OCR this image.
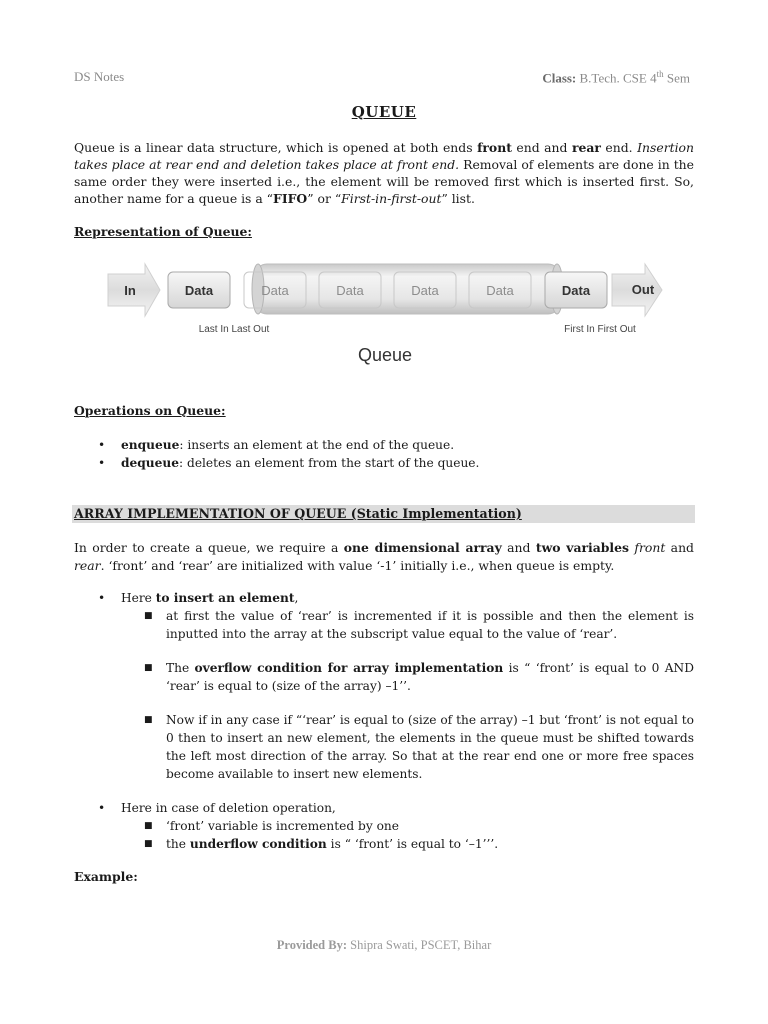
DS Notes	Class: B.Tech. CSE 4th Sem
QUEUE
Queue is a linear data structure, which is opened at both ends front end and rear end. Insertion takes place at rear end and deletion takes place at front end. Removal of elements are done in the same order they were inserted i.e., the element will be removed first which is inserted first. So, another name for a queue is a “FIFO” or “First-in-first-out” list.
Representation of Queue:
In	Out
Data	Data	Data	Data	Data	Data
Last In Last Out	First In First Out
Queue
Operations on Queue:
• enqueue: inserts an element at the end of the queue.
• dequeue: deletes an element from the start of the queue.
ARRAY IMPLEMENTATION OF QUEUE (Static Implementation)
In order to create a queue, we require a one dimensional array and two variables front and rear. ‘front’ and ‘rear’ are initialized with value ‘-1’ initially i.e., when queue is empty.
• Here to insert an element,
■ at first the value of ‘rear’ is incremented if it is possible and then the element is inputted into the array at the subscript value equal to the value of ‘rear’.
■ The overflow condition for array implementation is “ ‘front’ is equal to 0 AND ‘rear’ is equal to (size of the array) –1’’.
■ Now if in any case if “‘rear’ is equal to (size of the array) –1 but ‘front’ is not equal to 0 then to insert an new element, the elements in the queue must be shifted towards the left most direction of the array. So that at the rear end one or more free spaces become available to insert new elements.
• Here in case of deletion operation,
■ ‘front’ variable is incremented by one
■ the underflow condition is “ ‘front’ is equal to ‘–1’’’.
Example:
Provided By: Shipra Swati, PSCET, Bihar
